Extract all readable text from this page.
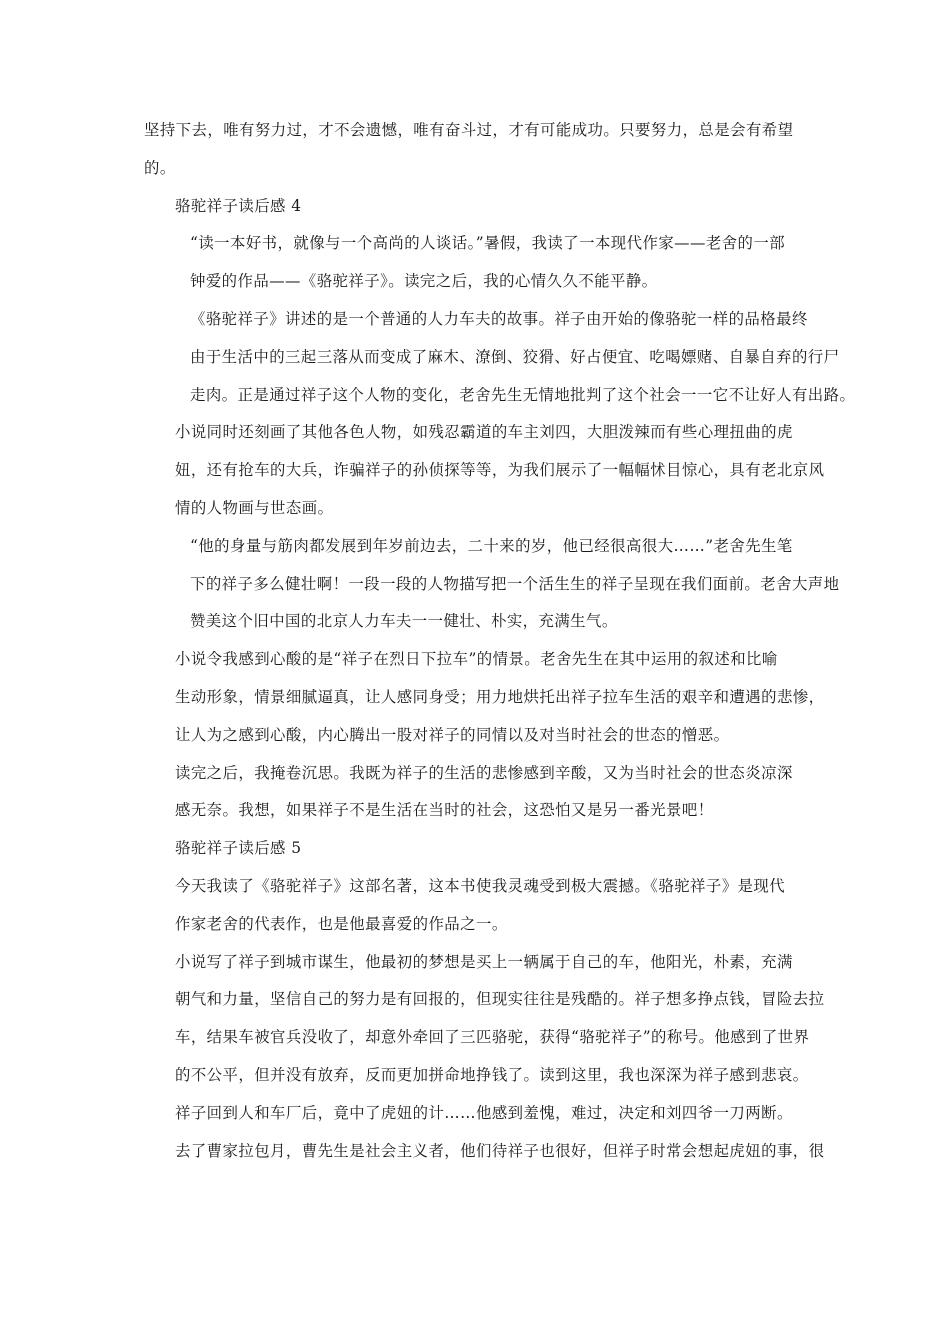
坚持下去，唯有努力过，才不会遗憾，唯有奋斗过，才有可能成功。只要努力，总是会有希望
的。

骆驼祥子读后感 4

“读一本好书，就像与一个高尚的人谈话。”暑假，我读了一本现代作家——老舍的一部
钟爱的作品——《骆驼祥子》。读完之后，我的心情久久不能平静。

《骆驼祥子》讲述的是一个普通的人力车夫的故事。祥子由开始的像骆驼一样的品格最终
由于生活中的三起三落从而变成了麻木、潦倒、狡猾、好占便宜、吃喝嫖赌、自暴自弃的行尸
走肉。正是通过祥子这个人物的变化，老舍先生无情地批判了这个社会一一它不让好人有出路。

小说同时还刻画了其他各色人物，如残忍霸道的车主刘四，大胆泼辣而有些心理扭曲的虎
妞，还有抢车的大兵，诈骗祥子的孙侦探等等，为我们展示了一幅幅怵目惊心，具有老北京风
情的人物画与世态画。

“他的身量与筋肉都发展到年岁前边去，二十来的岁，他已经很高很大……”老舍先生笔
下的祥子多么健壮啊！一段一段的人物描写把一个活生生的祥子呈现在我们面前。老舍大声地
赞美这个旧中国的北京人力车夫一一健壮、朴实，充满生气。

小说令我感到心酸的是“祥子在烈日下拉车”的情景。老舍先生在其中运用的叙述和比喻
生动形象，情景细腻逼真，让人感同身受；用力地烘托出祥子拉车生活的艰辛和遭遇的悲惨，
让人为之感到心酸，内心腾出一股对祥子的同情以及对当时社会的世态的憎恶。

读完之后，我掩卷沉思。我既为祥子的生活的悲惨感到辛酸，又为当时社会的世态炎凉深
感无奈。我想，如果祥子不是生活在当时的社会，这恐怕又是另一番光景吧！

骆驼祥子读后感 5

今天我读了《骆驼祥子》这部名著，这本书使我灵魂受到极大震撼。《骆驼祥子》是现代
作家老舍的代表作，也是他最喜爱的作品之一。

小说写了祥子到城市谋生，他最初的梦想是买上一辆属于自己的车，他阳光，朴素，充满
朝气和力量，坚信自己的努力是有回报的，但现实往往是残酷的。祥子想多挣点钱，冒险去拉
车，结果车被官兵没收了，却意外牵回了三匹骆驼，获得“骆驼祥子”的称号。他感到了世界
的不公平，但并没有放弃，反而更加拼命地挣钱了。读到这里，我也深深为祥子感到悲哀。

祥子回到人和车厂后，竟中了虎妞的计……他感到羞愧，难过，决定和刘四爷一刀两断。
去了曹家拉包月，曹先生是社会主义者，他们待祥子也很好，但祥子时常会想起虎妞的事，很
